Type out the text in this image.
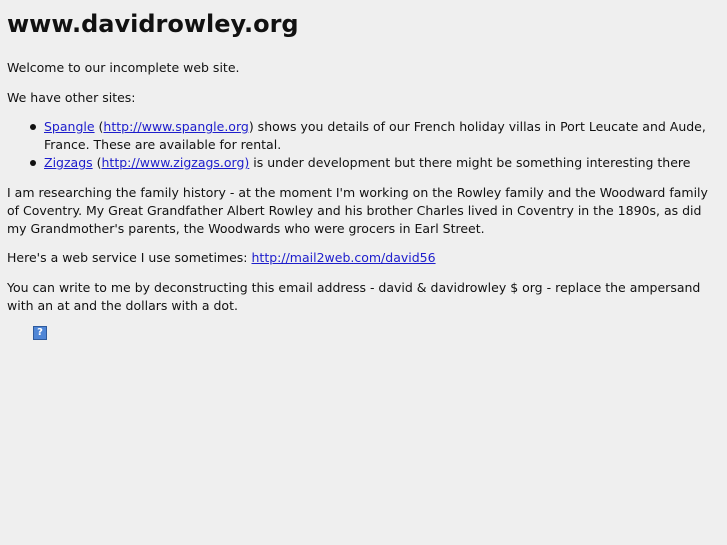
www.davidrowley.org

Welcome to our incomplete web site.

We have other sites:

Spangle (http://www.spangle.org) shows you details of our French holiday villas in Port Leucate and Aude, France. These are available for rental.
Zigzags (http://www.zigzags.org) is under development but there might be something interesting there

I am researching the family history - at the moment I'm working on the Rowley family and the Woodward family of Coventry. My Great Grandfather Albert Rowley and his brother Charles lived in Coventry in the 1890s, as did my Grandmother's parents, the Woodwards who were grocers in Earl Street.

Here's a web service I use sometimes: http://mail2web.com/david56

You can write to me by deconstructing this email address - david & davidrowley $ org - replace the ampersand with an at and the dollars with a dot.

?
